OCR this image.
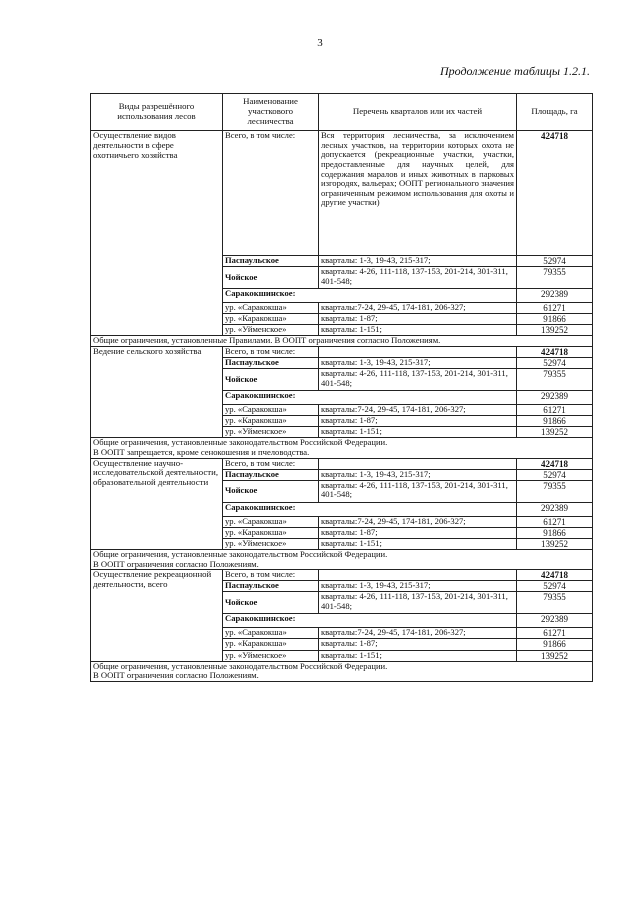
3
Продолжение таблицы 1.2.1.
Виды разрешённого использования лесов	Наименование участкового лесничества	Перечень кварталов или их частей	Площадь, га
Осуществление видов деятельности в сфере охотничьего хозяйства	Всего, в том числе:	Вся территория лесничества, за исключением лесных участков, на территории которых охота не допускается (рекреационные участки, участки, предоставленные для научных целей, для содержания маралов и иных животных в парковых изгородях, вальерах; ООПТ регионального значения ограниченным режимом использования для охоты и другие участки)	424718
	Паспаульское	кварталы: 1-3, 19-43, 215-317;	52974
	Чойское	кварталы: 4-26, 111-118, 137-153, 201-214, 301-311, 401-548;	79355
	Саракокшинское:		292389
	ур. «Саракокша»	кварталы:7-24, 29-45, 174-181, 206-327;	61271
	ур. «Каракокша»	кварталы: 1-87;	91866
	ур. «Уйменское»	кварталы: 1-151;	139252

Общие ограничения, установленные Правилами. В ООПТ ограничения согласно Положениям.			

Ведение сельского хозяйства	Всего, в том числе:		424718
	Паспаульское	кварталы: 1-3, 19-43, 215-317;	52974
	Чойское	кварталы: 4-26, 111-118, 137-153, 201-214, 301-311, 401-548;	79355
	Саракокшинское:		292389
	ур. «Саракокша»	кварталы:7-24, 29-45, 174-181, 206-327;	61271
	ур. «Каракокша»	кварталы: 1-87;	91866
	ур. «Уйменское»	кварталы: 1-151;	139252

Общие ограничения, установленные законодательством Российской Федерации.
В ООПТ запрещается, кроме сенокошения и пчеловодства.			

Осуществление научно-исследовательской деятельности, образовательной деятельности	Всего, в том числе:		424718
	Паспаульское	кварталы: 1-3, 19-43, 215-317;	52974
	Чойское	кварталы: 4-26, 111-118, 137-153, 201-214, 301-311, 401-548;	79355
	Саракокшинское:		292389
	ур. «Саракокша»	кварталы:7-24, 29-45, 174-181, 206-327;	61271
	ур. «Каракокша»	кварталы: 1-87;	91866
	ур. «Уйменское»	кварталы: 1-151;	139252

Общие ограничения, установленные законодательством Российской Федерации.
В ООПТ ограничения согласно Положениям.			

Осуществление рекреационной деятельности, всего	Всего, в том числе:		424718
	Паспаульское	кварталы: 1-3, 19-43, 215-317;	52974
	Чойское	кварталы: 4-26, 111-118, 137-153, 201-214, 301-311, 401-548;	79355
	Саракокшинское:		292389
	ур. «Саракокша»	кварталы:7-24, 29-45, 174-181, 206-327;	61271
	ур. «Каракокша»	кварталы: 1-87;	91866
	ур. «Уйменское»	кварталы: 1-151;	139252

Общие ограничения, установленные законодательством Российской Федерации.
В ООПТ ограничения согласно Положениям.			
